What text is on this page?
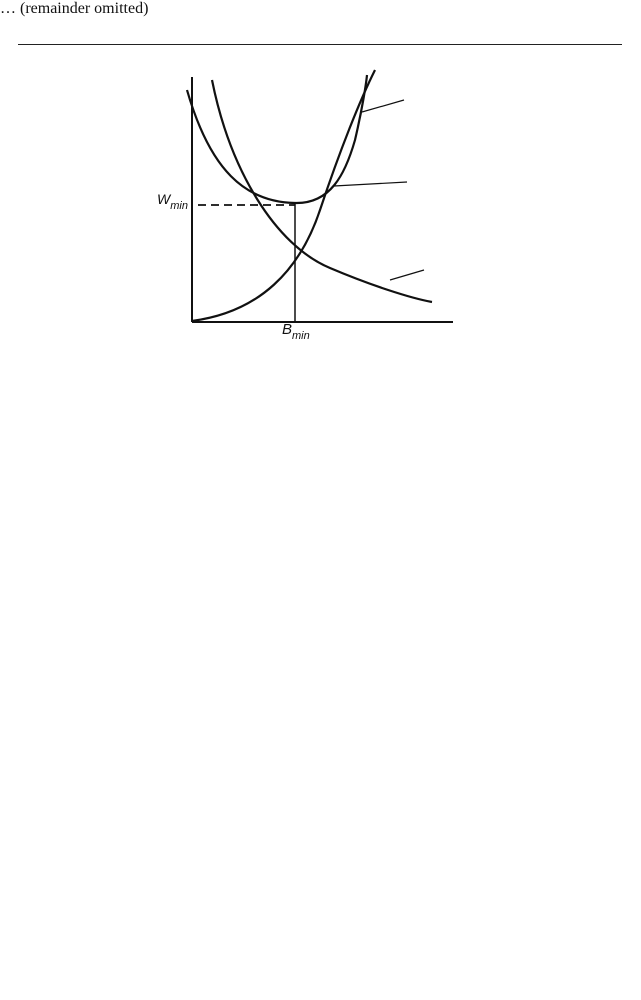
$W_{min}$
$B_{min}$
… (remainder omitted)
